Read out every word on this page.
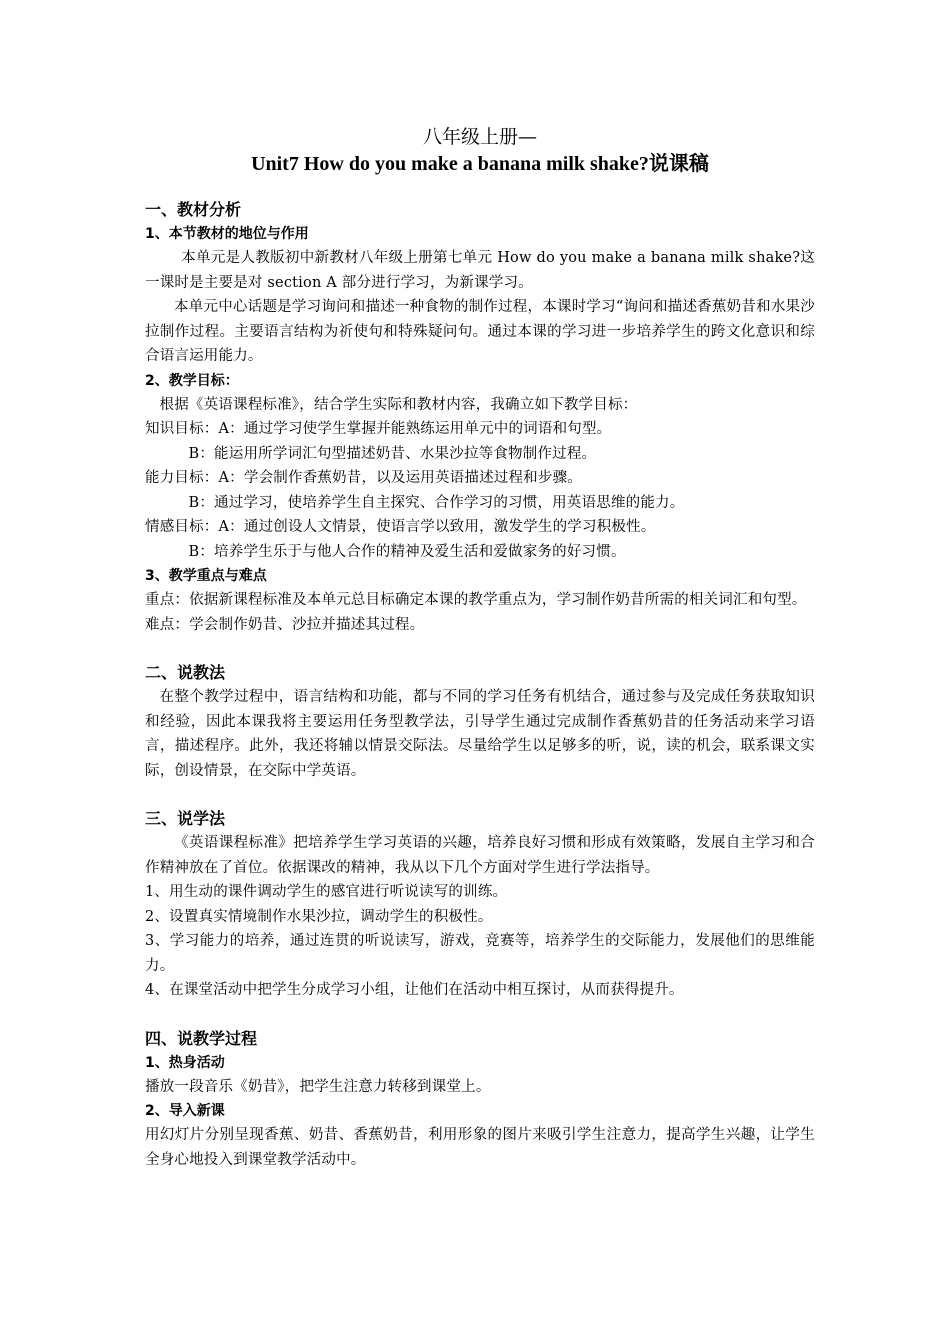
八年级上册—

Unit7 How do you make a banana milk shake?说课稿

一、教材分析

1、本节教材的地位与作用

本单元是人教版初中新教材八年级上册第七单元 How do you make a banana milk shake?这一课时是主要是对 section A 部分进行学习，为新课学习。

本单元中心话题是学习询问和描述一种食物的制作过程，本课时学习“询问和描述香蕉奶昔和水果沙拉制作过程。主要语言结构为祈使句和特殊疑问句。通过本课的学习进一步培养学生的跨文化意识和综合语言运用能力。

2、教学目标：

根据《英语课程标准》，结合学生实际和教材内容，我确立如下教学目标：

知识目标：A：通过学习使学生掌握并能熟练运用单元中的词语和句型。

B：能运用所学词汇句型描述奶昔、水果沙拉等食物制作过程。

能力目标：A：学会制作香蕉奶昔，以及运用英语描述过程和步骤。

B：通过学习，使培养学生自主探究、合作学习的习惯，用英语思维的能力。

情感目标：A：通过创设人文情景，使语言学以致用，激发学生的学习积极性。

B：培养学生乐于与他人合作的精神及爱生活和爱做家务的好习惯。

3、教学重点与难点

重点：依据新课程标准及本单元总目标确定本课的教学重点为，学习制作奶昔所需的相关词汇和句型。

难点：学会制作奶昔、沙拉并描述其过程。

二、说教法

在整个教学过程中，语言结构和功能，都与不同的学习任务有机结合，通过参与及完成任务获取知识和经验，因此本课我将主要运用任务型教学法，引导学生通过完成制作香蕉奶昔的任务活动来学习语言，描述程序。此外，我还将辅以情景交际法。尽量给学生以足够多的听，说，读的机会，联系课文实际，创设情景，在交际中学英语。

三、说学法

《英语课程标准》把培养学生学习英语的兴趣，培养良好习惯和形成有效策略，发展自主学习和合作精神放在了首位。依据课改的精神，我从以下几个方面对学生进行学法指导。

1、用生动的课件调动学生的感官进行听说读写的训练。

2、设置真实情境制作水果沙拉，调动学生的积极性。

3、学习能力的培养，通过连贯的听说读写，游戏，竞赛等，培养学生的交际能力，发展他们的思维能力。

4、在课堂活动中把学生分成学习小组，让他们在活动中相互探讨，从而获得提升。

四、说教学过程

1、热身活动

播放一段音乐《奶昔》，把学生注意力转移到课堂上。

2、导入新课

用幻灯片分别呈现香蕉、奶昔、香蕉奶昔，利用形象的图片来吸引学生注意力，提高学生兴趣，让学生全身心地投入到课堂教学活动中。
